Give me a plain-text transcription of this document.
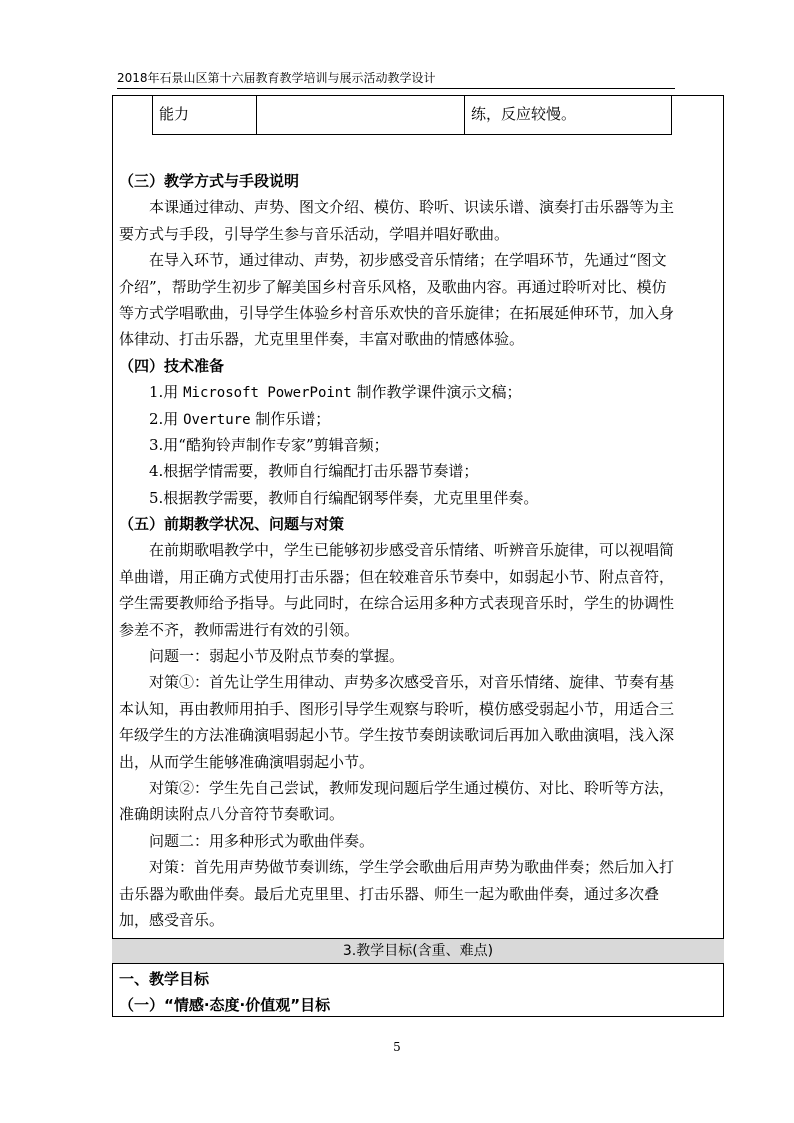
2018年石景山区第十六届教育教学培训与展示活动教学设计
能力	练，反应较慢。
（三）教学方式与手段说明
本课通过律动、声势、图文介绍、模仿、聆听、识读乐谱、演奏打击乐器等为主
要方式与手段，引导学生参与音乐活动，学唱并唱好歌曲。
在导入环节，通过律动、声势，初步感受音乐情绪；在学唱环节，先通过“图文
介绍”，帮助学生初步了解美国乡村音乐风格，及歌曲内容。再通过聆听对比、模仿
等方式学唱歌曲，引导学生体验乡村音乐欢快的音乐旋律；在拓展延伸环节，加入身
体律动、打击乐器，尤克里里伴奏，丰富对歌曲的情感体验。
（四）技术准备
1.用 Microsoft PowerPoint 制作教学课件演示文稿；
2.用 Overture 制作乐谱；
3.用“酷狗铃声制作专家”剪辑音频；
4.根据学情需要，教师自行编配打击乐器节奏谱；
5.根据教学需要，教师自行编配钢琴伴奏，尤克里里伴奏。
（五）前期教学状况、问题与对策
在前期歌唱教学中，学生已能够初步感受音乐情绪、听辨音乐旋律，可以视唱简
单曲谱，用正确方式使用打击乐器；但在较难音乐节奏中，如弱起小节、附点音符，
学生需要教师给予指导。与此同时，在综合运用多种方式表现音乐时，学生的协调性
参差不齐，教师需进行有效的引领。
问题一：弱起小节及附点节奏的掌握。
对策①：首先让学生用律动、声势多次感受音乐，对音乐情绪、旋律、节奏有基
本认知，再由教师用拍手、图形引导学生观察与聆听，模仿感受弱起小节，用适合三
年级学生的方法准确演唱弱起小节。学生按节奏朗读歌词后再加入歌曲演唱，浅入深
出，从而学生能够准确演唱弱起小节。
对策②：学生先自己尝试，教师发现问题后学生通过模仿、对比、聆听等方法，
准确朗读附点八分音符节奏歌词。
问题二：用多种形式为歌曲伴奏。
对策：首先用声势做节奏训练，学生学会歌曲后用声势为歌曲伴奏；然后加入打
击乐器为歌曲伴奏。最后尤克里里、打击乐器、师生一起为歌曲伴奏，通过多次叠
加，感受音乐。
3.教学目标(含重、难点)
一、教学目标
（一）“情感·态度·价值观”目标
5
